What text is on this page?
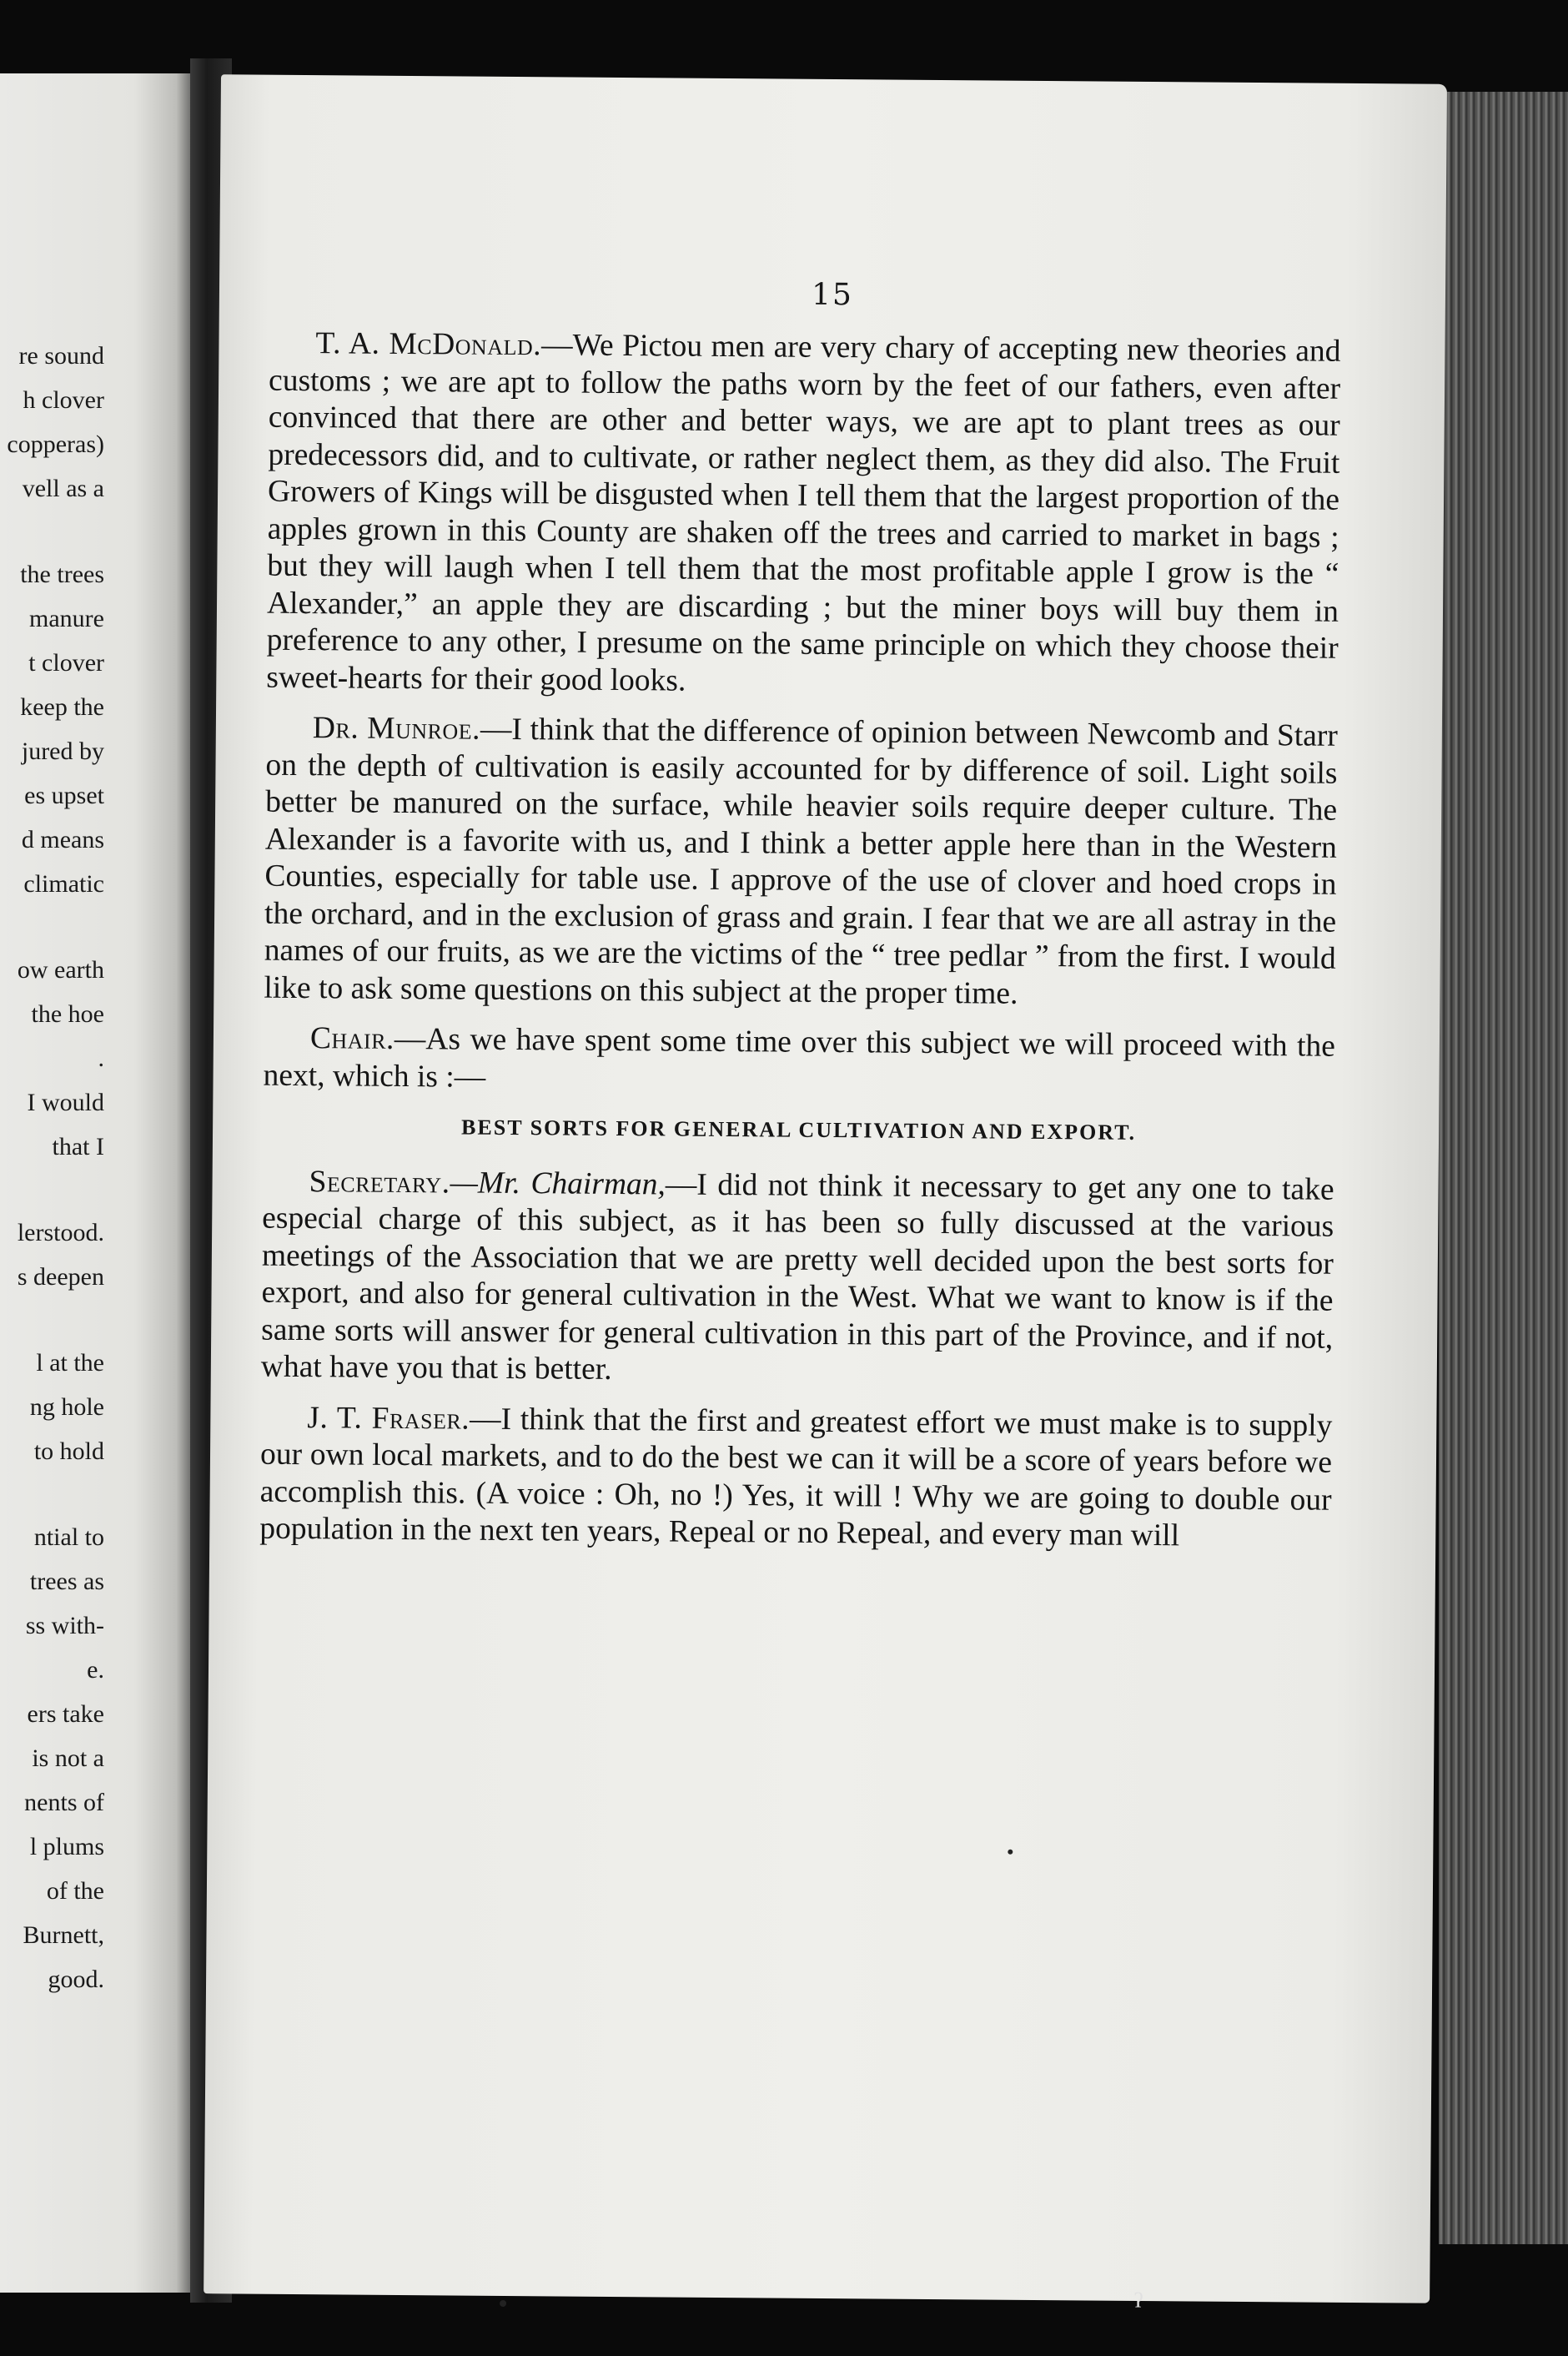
re sound
h clover
copperas)
vell as a
the trees
manure
t clover
keep the
jured by
es upset
d means
climatic
ow earth
the hoe
.
I would
that I
lerstood.
s deepen
l at the
ng hole
to hold
ntial to
trees as
ss with-
e.
ers take
is not a
nents of
l plums
of the
Burnett,
good.
15

T. A. McDonald.—We Pictou men are very chary of accepting new theories and customs ; we are apt to follow the paths worn by the feet of our fathers, even after convinced that there are other and better ways, we are apt to plant trees as our predecessors did, and to cultivate, or rather neglect them, as they did also. The Fruit Growers of Kings will be disgusted when I tell them that the largest proportion of the apples grown in this County are shaken off the trees and carried to market in bags ; but they will laugh when I tell them that the most profitable apple I grow is the “ Alexander,” an apple they are discarding ; but the miner boys will buy them in preference to any other, I presume on the same principle on which they choose their sweet-hearts for their good looks.

Dr. Munroe.—I think that the difference of opinion between Newcomb and Starr on the depth of cultivation is easily accounted for by difference of soil. Light soils better be manured on the surface, while heavier soils require deeper culture. The Alexander is a favorite with us, and I think a better apple here than in the Western Counties, especially for table use. I approve of the use of clover and hoed crops in the orchard, and in the exclusion of grass and grain. I fear that we are all astray in the names of our fruits, as we are the victims of the “ tree pedlar ” from the first. I would like to ask some questions on this subject at the proper time.

Chair.—As we have spent some time over this subject we will proceed with the next, which is :—

BEST SORTS FOR GENERAL CULTIVATION AND EXPORT.

Secretary.—Mr. Chairman,—I did not think it necessary to get any one to take especial charge of this subject, as it has been so fully discussed at the various meetings of the Association that we are pretty well decided upon the best sorts for export, and also for general cultivation in the West. What we want to know is if the same sorts will answer for general cultivation in this part of the Province, and if not, what have you that is better.

J. T. Fraser.—I think that the first and greatest effort we must make is to supply our own local markets, and to do the best we can it will be a score of years before we accomplish this. (A voice : Oh, no !) Yes, it will ! Why we are going to double our population in the next ten years, Repeal or no Repeal, and every man will

ˀ
